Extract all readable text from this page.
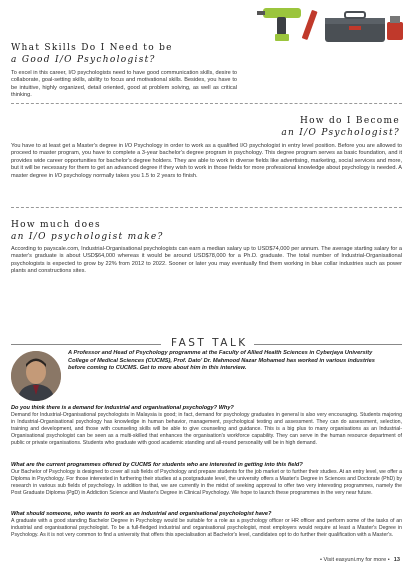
What Skills Do I Need to be
a Good I/O Psychologist?
To excel in this career, I/O psychologists need to have good communication skills, desire to collaborate, goal-setting skills, ability to focus and motivational skills. Besides, you have to be intuitive, highly organized, detail oriented, good at problem solving, as well as critical thinking.
How do I Become
an I/O Psychologist?
You have to at least get a Master's degree in I/O Psychology in order to work as a qualified I/O psychologist in entry level position. Before you are allowed to proceed to master program, you have to complete a 3-year bachelor's degree program in psychology. This degree program serves as basic foundation, and it provides wide career opportunities for bachelor's degree holders. They are able to work in diverse fields like advertising, marketing, social services and more, but it will be necessary for them to get an advanced degree if they wish to work in those fields for more professional knowledge about psychology is needed. A master degree in I/O psychology normally takes you 1.5 to 2 years to finish.
How much does
an I/O psychologist make?
According to payscale.com, Industrial-Organisational psychologists can earn a median salary up to USD$74,000 per annum. The average starting salary for a master's graduate is about USD$64,000 whereas it would be around USD$78,000 for a Ph.D. graduate. The total number of Industrial-Organisational psychologists is expected to grow by 22% from 2012 to 2022. Sooner or later you may eventually find them working in blue collar industries such as power plants and constructions sites.
FAST TALK
A Professor and Head of Psychology programme at the Faculty of Allied Health Sciences in Cyberjaya University College of Medical Sciences (CUCMS), Prof. Dato' Dr. Mahmood Nazar Mohamed has worked in various industries before coming to CUCMS. Get to more about him in this interview.
Do you think there is a demand for industrial and organisational psychology? Why?
Demand for Industrial-Organisational psychologists in Malaysia is good; in fact, demand for psychology graduates in general is also very encouraging. Students majoring in Industrial-Organisational psychology has knowledge in human behavior, management, psychological testing and assessment. They can do assessment, selection, training and development, and those with counseling skills will be able to give counseling and guidance. This is a big plus to many organisations as an Industrial-Organisational psychologist can be seen as a multi-skilled that enhances the organisation's workforce capability. They can serve in the human resource department of public or private organisations. Students who graduate with good academic standing and all-round personality will be in high demand.
What are the current programmes offered by CUCMS for students who are interested in getting into this field?
Our Bachelor of Psychology is designed to cover all sub fields of Psychology and prepare students for the job market or to further their studies. At an entry level, we offer a Diploma in Psychology. For those interested in furthering their studies at a postgraduate level, the university offers a Master's Degree in Sciences and Doctorate (PhD) by research in various sub fields of psychology. In addition to that, we are currently in the midst of seeking approval to offer two very interesting programmes, namely the Post Graduate Diploma (PgD) in Addiction Science and Master's Degree in Clinical Psychology. We hope to launch these programmes in the very near future.
What should someone, who wants to work as an industrial and organisational psychologist have?
A graduate with a good standing Bachelor Degree in Psychology would be suitable for a role as a psychology officer or HR officer and perform some of the tasks of an industrial and organisational psychologist. To be a full-fledged industrial and organisational psychologist, most employers would require at least a Master's Degree in Psychology. As it is not very common to find a university that offers this specialisation at Bachelor's level, candidates opt to do further their qualification with a Master's.
• Visit easyuni.my for more • 13
